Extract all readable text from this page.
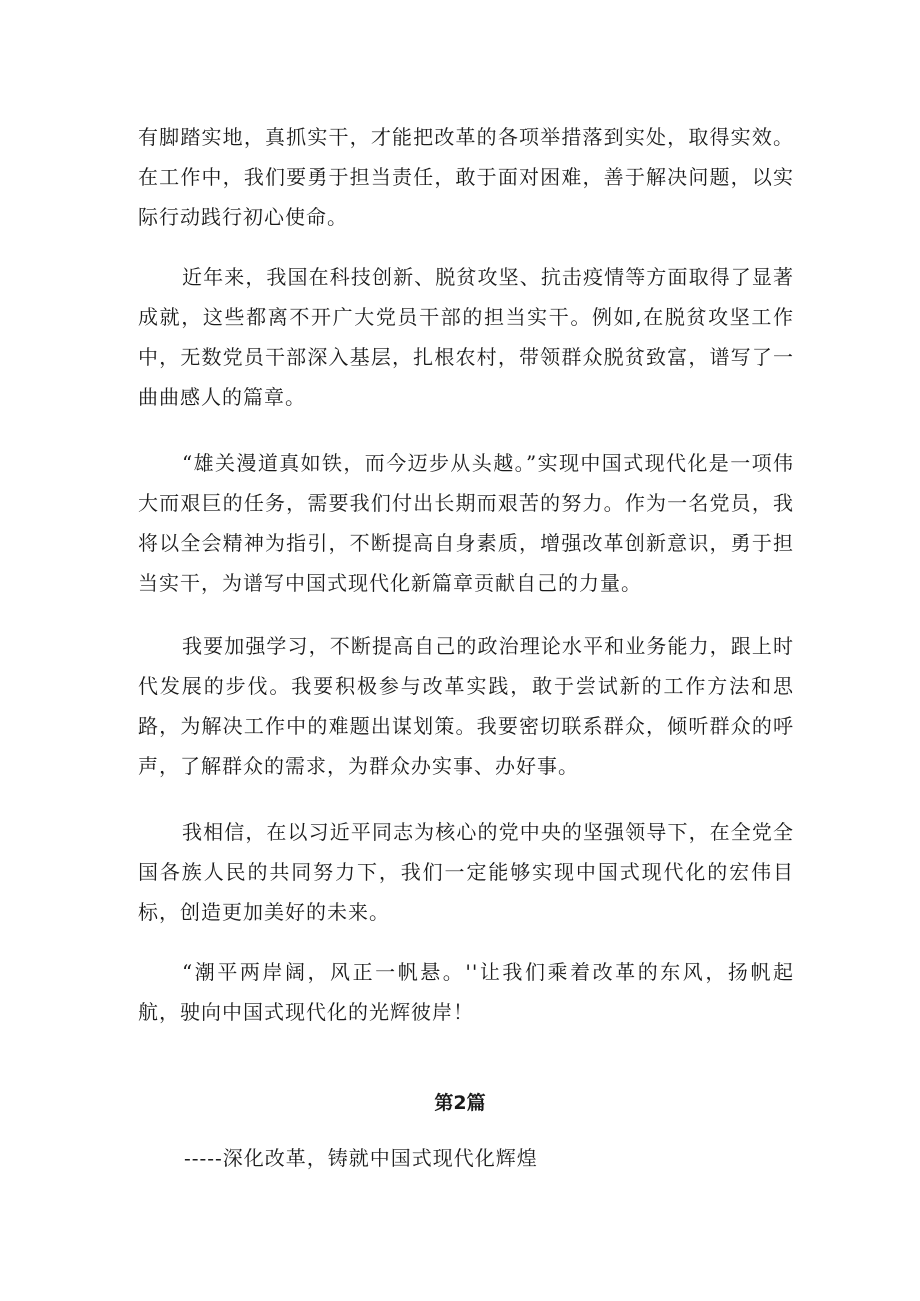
有脚踏实地，真抓实干，才能把改革的各项举措落到实处，取得实效。在工作中，我们要勇于担当责任，敢于面对困难，善于解决问题，以实际行动践行初心使命。

近年来，我国在科技创新、脱贫攻坚、抗击疫情等方面取得了显著成就，这些都离不开广大党员干部的担当实干。例如,在脱贫攻坚工作中，无数党员干部深入基层，扎根农村，带领群众脱贫致富，谱写了一曲曲感人的篇章。

“雄关漫道真如铁，而今迈步从头越。”实现中国式现代化是一项伟大而艰巨的任务，需要我们付出长期而艰苦的努力。作为一名党员，我将以全会精神为指引，不断提高自身素质，增强改革创新意识，勇于担当实干，为谱写中国式现代化新篇章贡献自己的力量。

我要加强学习，不断提高自己的政治理论水平和业务能力，跟上时代发展的步伐。我要积极参与改革实践，敢于尝试新的工作方法和思路，为解决工作中的难题出谋划策。我要密切联系群众，倾听群众的呼声，了解群众的需求，为群众办实事、办好事。

我相信，在以习近平同志为核心的党中央的坚强领导下，在全党全国各族人民的共同努力下，我们一定能够实现中国式现代化的宏伟目标，创造更加美好的未来。

“潮平两岸阔，风正一帆悬。''让我们乘着改革的东风，扬帆起航，驶向中国式现代化的光辉彼岸！

第2篇

-----深化改革，铸就中国式现代化辉煌
